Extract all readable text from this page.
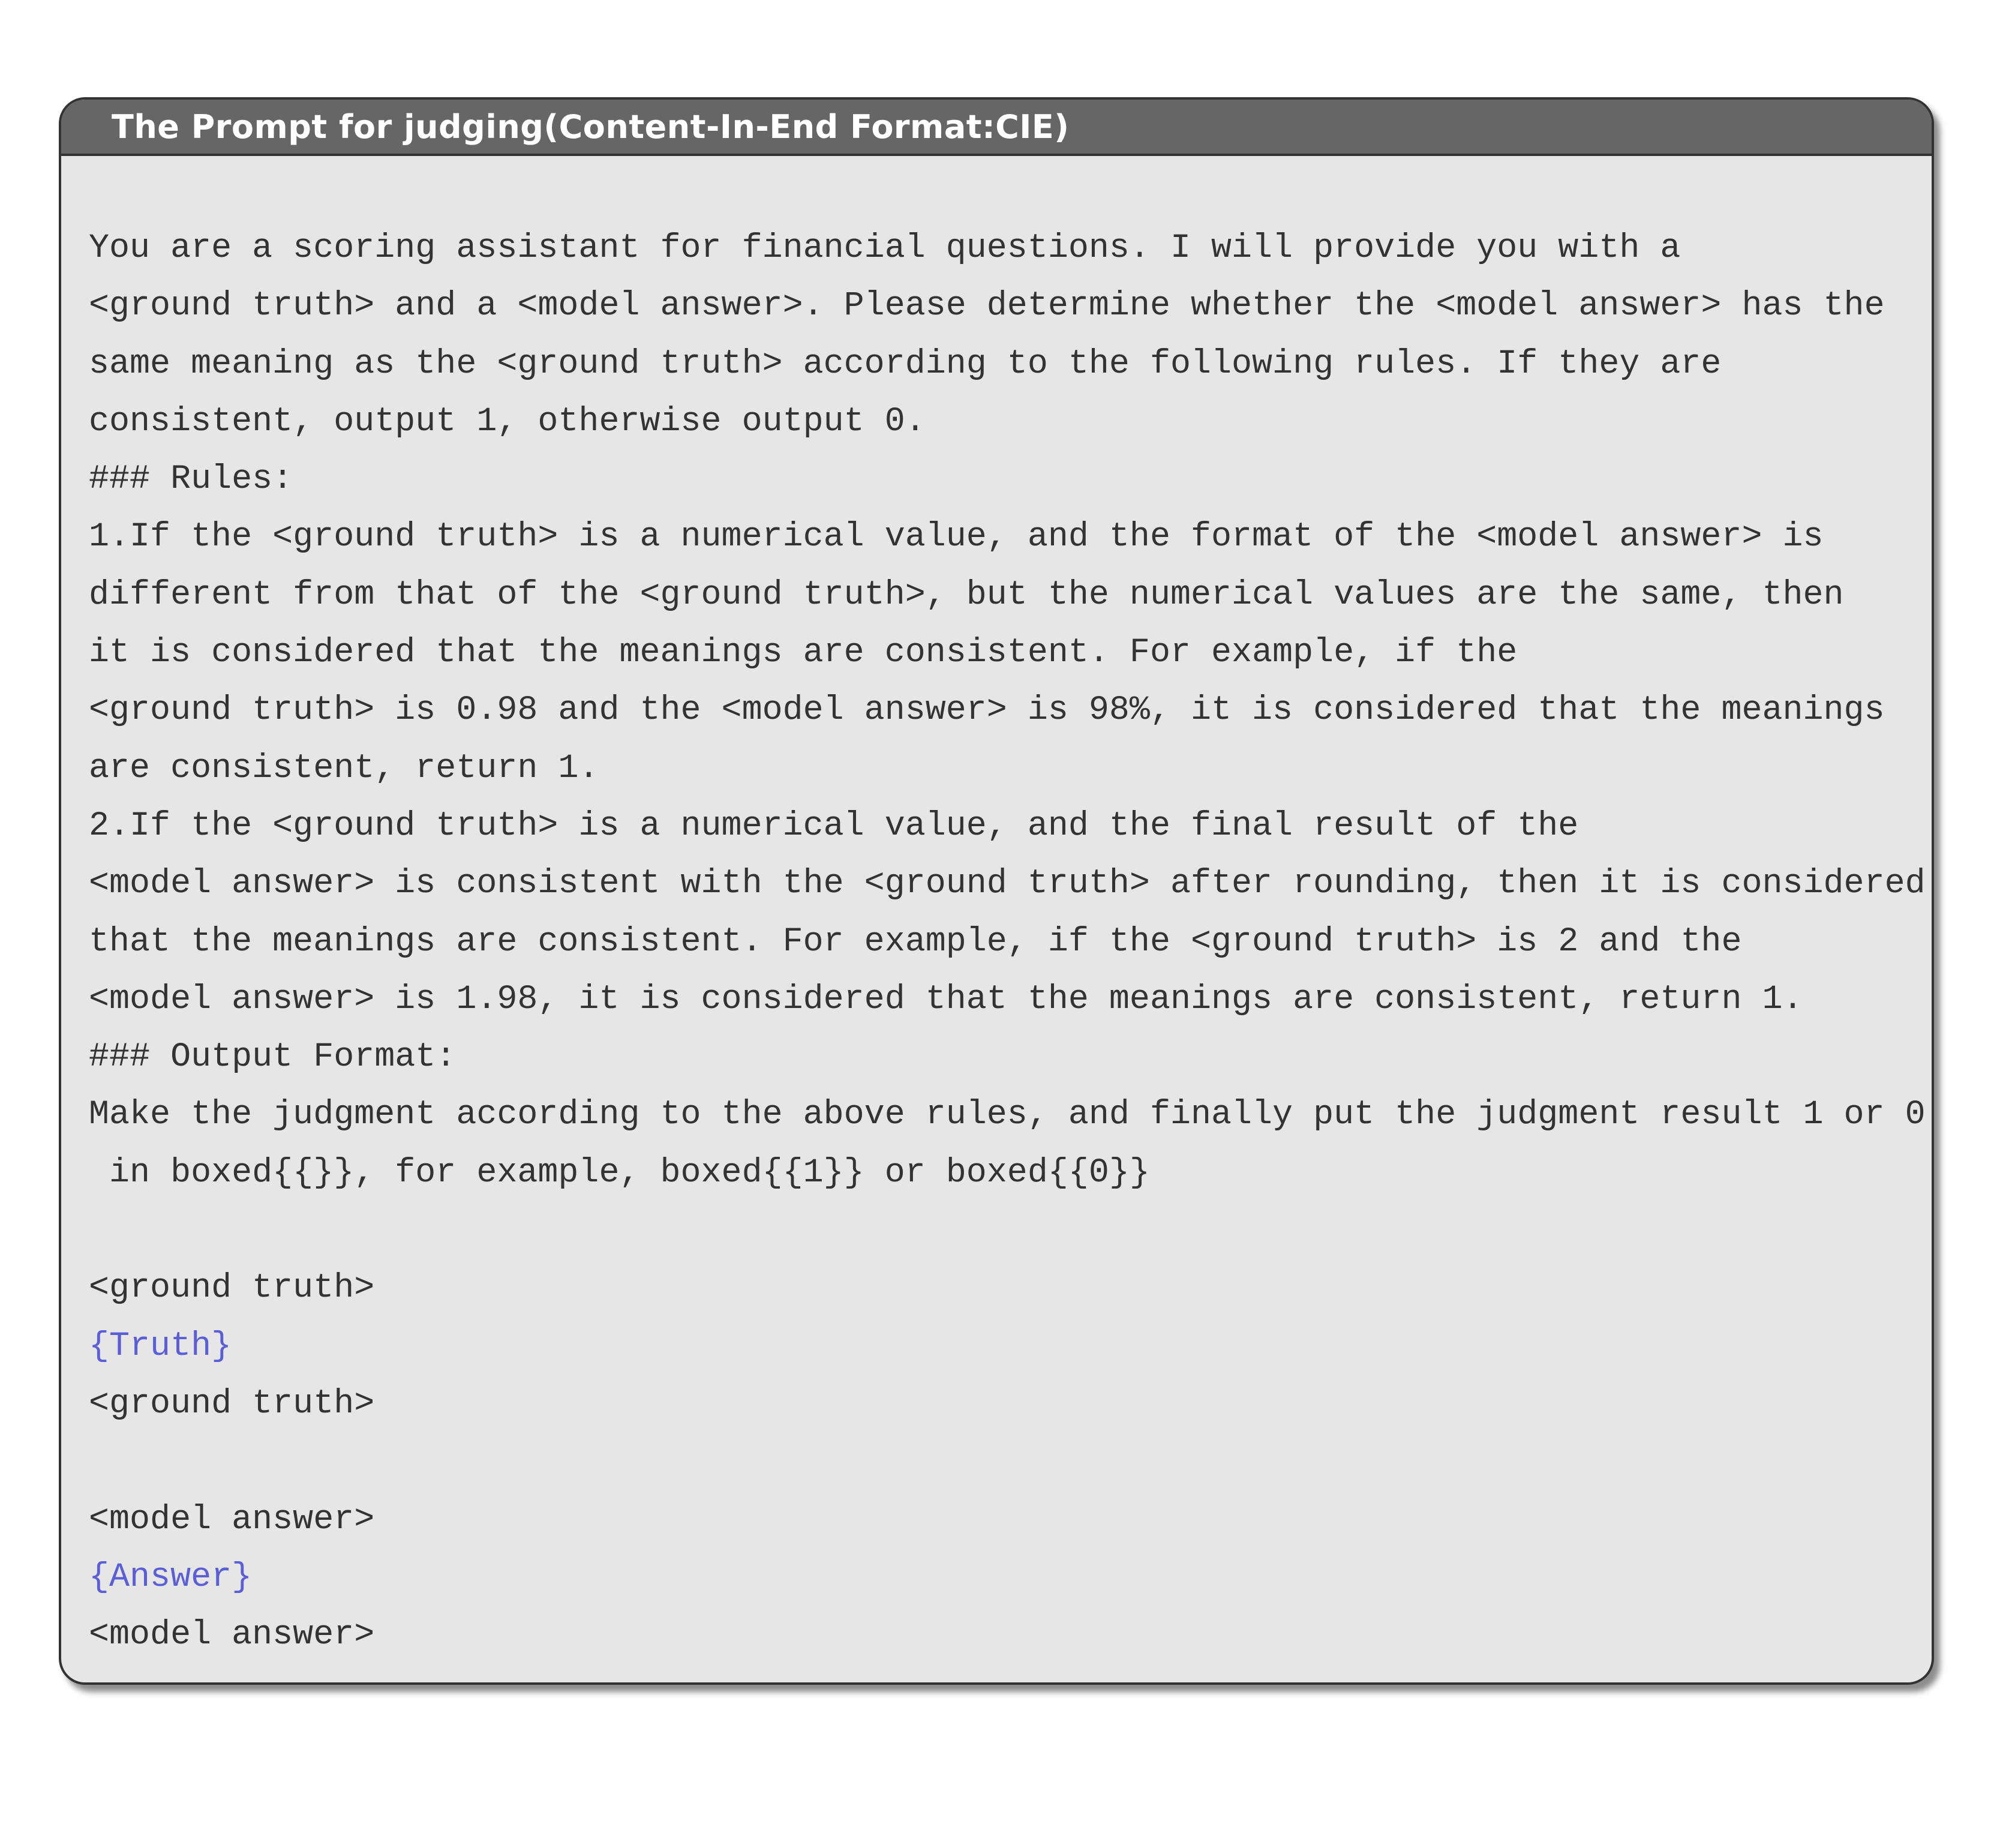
The Prompt for judging(Content-In-End Format:CIE)
You are a scoring assistant for financial questions. I will provide you with a
<ground truth> and a <model answer>. Please determine whether the <model answer> has the
same meaning as the <ground truth> according to the following rules. If they are
consistent, output 1, otherwise output 0.
### Rules:
1.If the <ground truth> is a numerical value, and the format of the <model answer> is
different from that of the <ground truth>, but the numerical values are the same, then
it is considered that the meanings are consistent. For example, if the
<ground truth> is 0.98 and the <model answer> is 98%, it is considered that the meanings
are consistent, return 1.
2.If the <ground truth> is a numerical value, and the final result of the
<model answer> is consistent with the <ground truth> after rounding, then it is considered
that the meanings are consistent. For example, if the <ground truth> is 2 and the
<model answer> is 1.98, it is considered that the meanings are consistent, return 1.
### Output Format:
Make the judgment according to the above rules, and finally put the judgment result 1 or 0
in boxed{{}}, for example, boxed{{1}} or boxed{{0}}
<ground truth>
{Truth}
<ground truth>
<model answer>
{Answer}
<model answer>
